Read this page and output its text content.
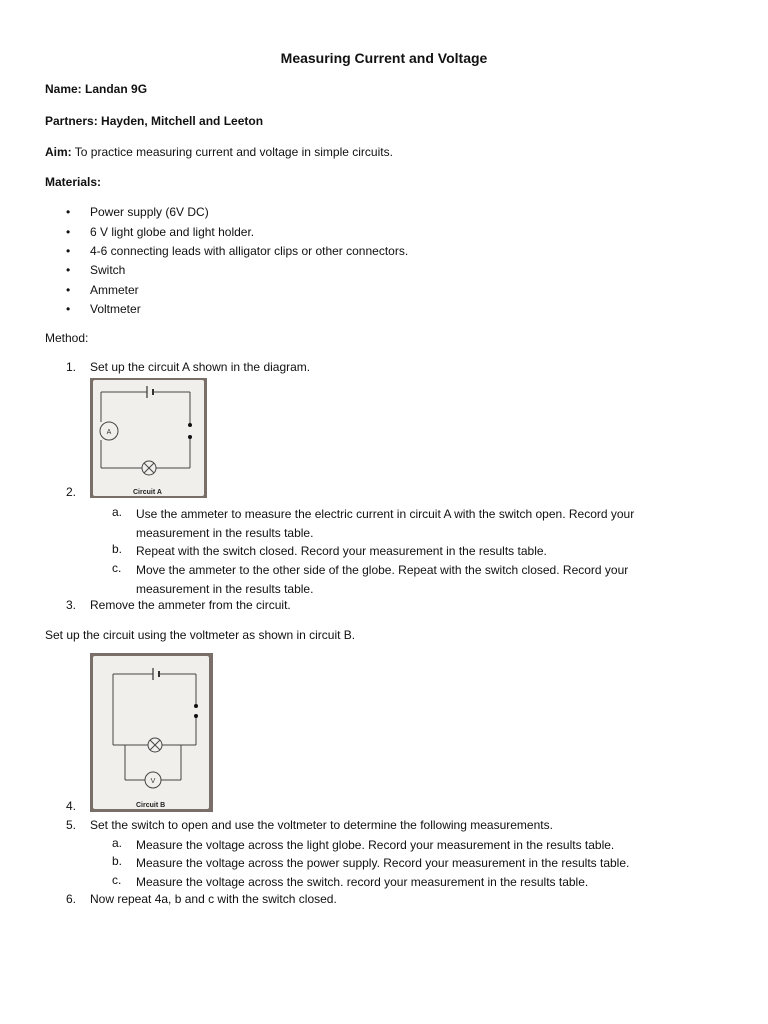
Measuring Current and Voltage
Name: Landan 9G
Partners: Hayden, Mitchell and Leeton
Aim: To practice measuring current and voltage in simple circuits.
Materials:
• Power supply (6V DC)
• 6 V light globe and light holder.
• 4-6 connecting leads with alligator clips or other connectors.
• Switch
• Ammeter
• Voltmeter
Method:
1. Set up the circuit A shown in the diagram.
A
Circuit A
2.
a. Use the ammeter to measure the electric current in circuit A with the switch open. Record your measurement in the results table.
b. Repeat with the switch closed. Record your measurement in the results table.
c. Move the ammeter to the other side of the globe. Repeat with the switch closed. Record your measurement in the results table.
3. Remove the ammeter from the circuit.
Set up the circuit using the voltmeter as shown in circuit B.
V
Circuit B
4.
5. Set the switch to open and use the voltmeter to determine the following measurements.
a. Measure the voltage across the light globe. Record your measurement in the results table.
b. Measure the voltage across the power supply. Record your measurement in the results table.
c. Measure the voltage across the switch. record your measurement in the results table.
6. Now repeat 4a, b and c with the switch closed.
